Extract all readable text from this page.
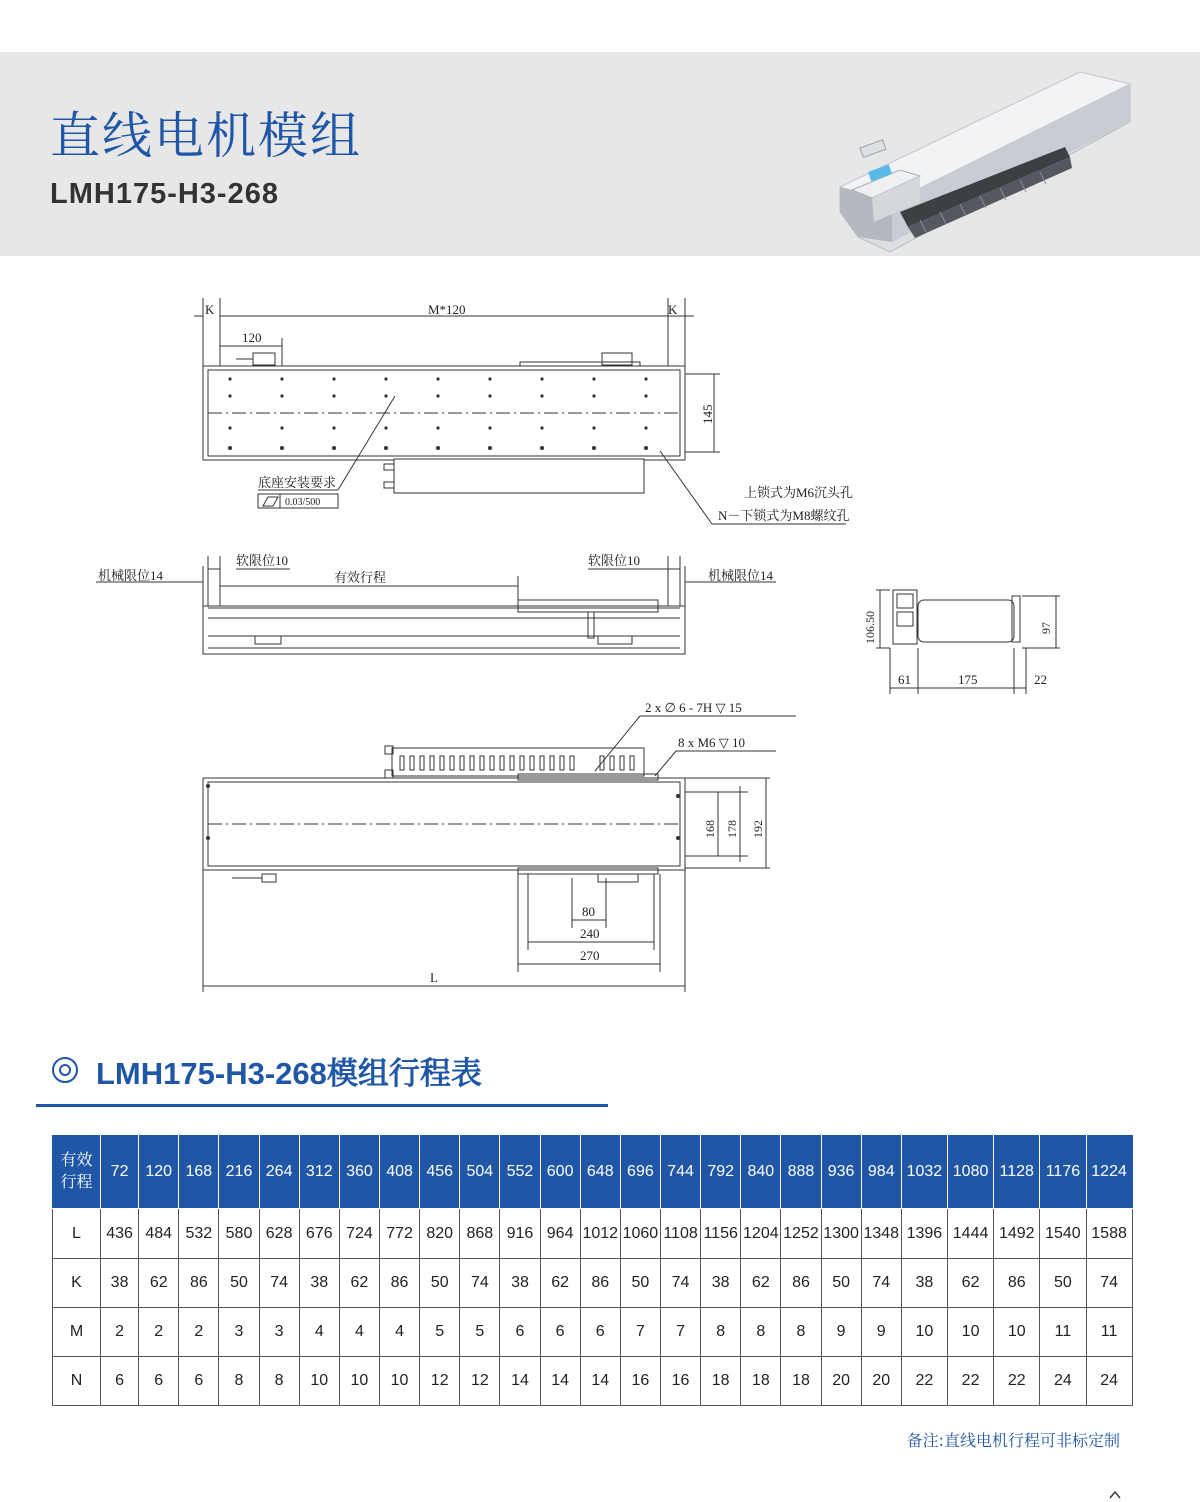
直线电机模组
LMH175-H3-268
K	M*120	K
120
145
底座安装要求
0.03/500
上锁式为M6沉头孔
N－下锁式为M8螺纹孔
机械限位14
软限位10
有效行程
软限位10
机械限位14
106.50	97
61	175	22
2 x ∅ 6 - 7H ▽ 15
8 x M6 ▽ 10
168 178 192
80
240
270
L
LMH175-H3-268模组行程表
有效
行程	72	120	168	216	264	312	360	408	456	504	552	600	648	696	744	792	840	888	936	984	1032	1080	1128	1176	1224
L	436	484	532	580	628	676	724	772	820	868	916	964	1012	1060	1108	1156	1204	1252	1300	1348	1396	1444	1492	1540	1588
K	38	62	86	50	74	38	62	86	50	74	38	62	86	50	74	38	62	86	50	74	38	62	86	50	74
M	2	2	2	3	3	4	4	4	5	5	6	6	6	7	7	8	8	8	9	9	10	10	10	11	11
N	6	6	6	8	8	10	10	10	12	12	14	14	14	16	16	18	18	18	20	20	22	22	22	24	24
备注:直线电机行程可非标定制
